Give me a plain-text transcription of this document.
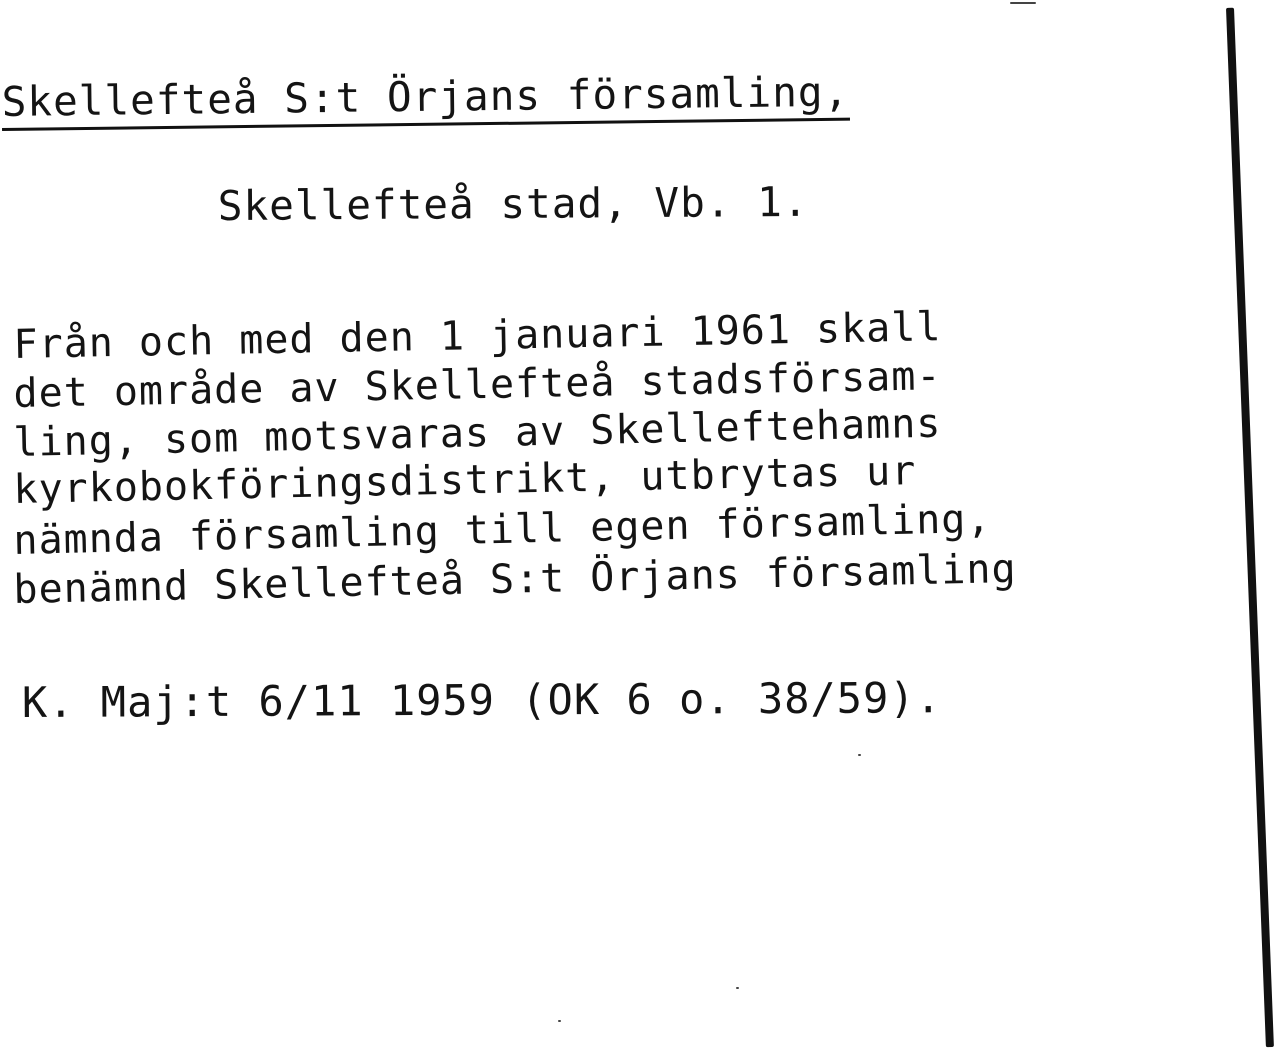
Skellefteå S:t Örjans församling,
Skellefteå stad, Vb. 1.
Från och med den 1 januari 1961 skall
det område av Skellefteå stadsförsam-
ling, som motsvaras av Skelleftehamns
kyrkobokföringsdistrikt, utbrytas ur
nämnda församling till egen församling,
benämnd Skellefteå S:t Örjans församling
K. Maj:t 6/11 1959 (OK 6 o. 38/59).
